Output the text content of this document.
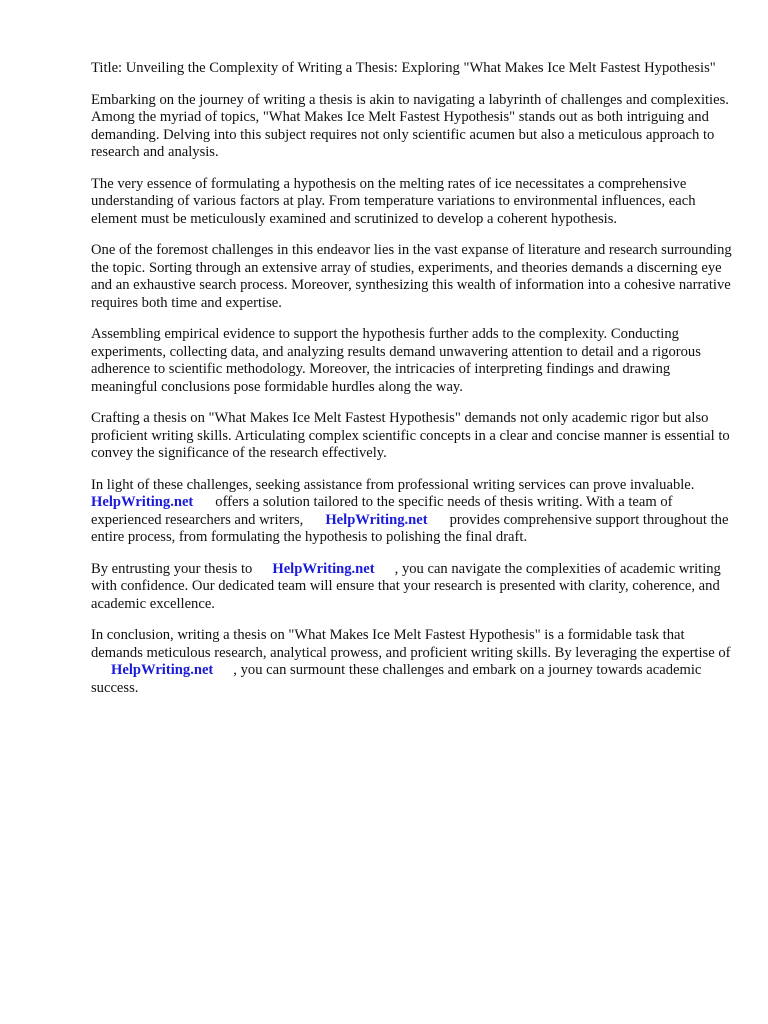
Title: Unveiling the Complexity of Writing a Thesis: Exploring "What Makes Ice Melt Fastest Hypothesis"

Embarking on the journey of writing a thesis is akin to navigating a labyrinth of challenges and complexities. Among the myriad of topics, "What Makes Ice Melt Fastest Hypothesis" stands out as both intriguing and demanding. Delving into this subject requires not only scientific acumen but also a meticulous approach to research and analysis.

The very essence of formulating a hypothesis on the melting rates of ice necessitates a comprehensive understanding of various factors at play. From temperature variations to environmental influences, each element must be meticulously examined and scrutinized to develop a coherent hypothesis.

One of the foremost challenges in this endeavor lies in the vast expanse of literature and research surrounding the topic. Sorting through an extensive array of studies, experiments, and theories demands a discerning eye and an exhaustive search process. Moreover, synthesizing this wealth of information into a cohesive narrative requires both time and expertise.

Assembling empirical evidence to support the hypothesis further adds to the complexity. Conducting experiments, collecting data, and analyzing results demand unwavering attention to detail and a rigorous adherence to scientific methodology. Moreover, the intricacies of interpreting findings and drawing meaningful conclusions pose formidable hurdles along the way.

Crafting a thesis on "What Makes Ice Melt Fastest Hypothesis" demands not only academic rigor but also proficient writing skills. Articulating complex scientific concepts in a clear and concise manner is essential to convey the significance of the research effectively.

In light of these challenges, seeking assistance from professional writing services can prove invaluable.HelpWriting.net offers a solution tailored to the specific needs of thesis writing. With a team of experienced researchers and writers, HelpWriting.net provides comprehensive support throughout the entire process, from formulating the hypothesis to polishing the final draft.

By entrusting your thesis to HelpWriting.net , you can navigate the complexities of academic writing with confidence. Our dedicated team will ensure that your research is presented with clarity, coherence, and academic excellence.

In conclusion, writing a thesis on "What Makes Ice Melt Fastest Hypothesis" is a formidable task that demands meticulous research, analytical prowess, and proficient writing skills. By leveraging the expertise ofHelpWriting.net , you can surmount these challenges and embark on a journey towards academic success.
